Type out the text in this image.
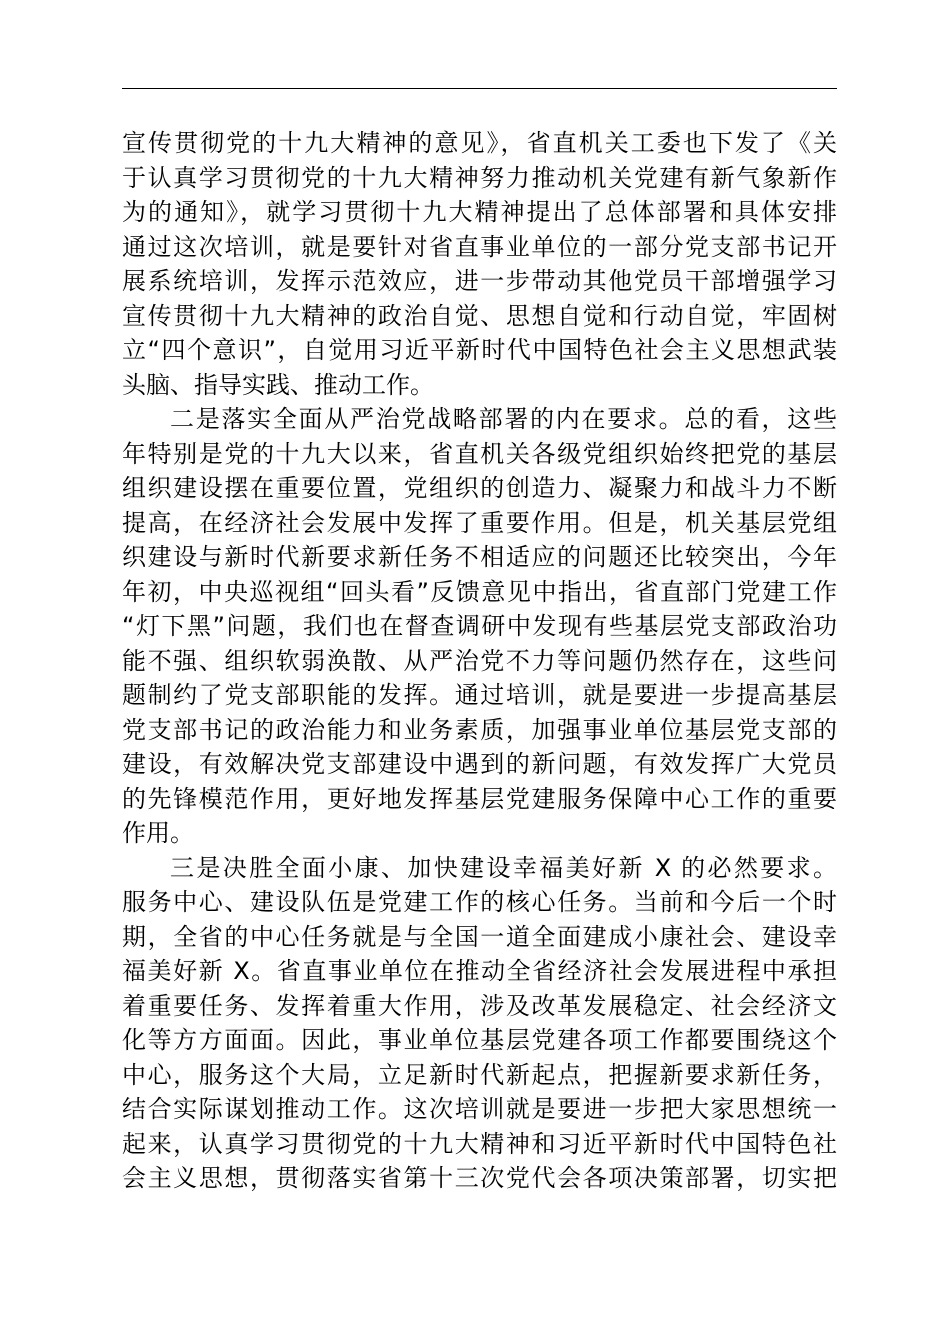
宣传贯彻党的十九大精神的意见》，省直机关工委也下发了《关
于认真学习贯彻党的十九大精神努力推动机关党建有新气象新作
为的通知》，就学习贯彻十九大精神提出了总体部署和具体安排
通过这次培训，就是要针对省直事业单位的一部分党支部书记开
展系统培训，发挥示范效应，进一步带动其他党员干部增强学习
宣传贯彻十九大精神的政治自觉、思想自觉和行动自觉，牢固树
立“四个意识”，自觉用习近平新时代中国特色社会主义思想武装
头脑、指导实践、推动工作。
二是落实全面从严治党战略部署的内在要求。总的看，这些
年特别是党的十九大以来，省直机关各级党组织始终把党的基层
组织建设摆在重要位置，党组织的创造力、凝聚力和战斗力不断
提高，在经济社会发展中发挥了重要作用。但是，机关基层党组
织建设与新时代新要求新任务不相适应的问题还比较突出，今年
年初，中央巡视组“回头看”反馈意见中指出，省直部门党建工作
“灯下黑”问题，我们也在督查调研中发现有些基层党支部政治功
能不强、组织软弱涣散、从严治党不力等问题仍然存在，这些问
题制约了党支部职能的发挥。通过培训，就是要进一步提高基层
党支部书记的政治能力和业务素质，加强事业单位基层党支部的
建设，有效解决党支部建设中遇到的新问题，有效发挥广大党员
的先锋模范作用，更好地发挥基层党建服务保障中心工作的重要
作用。
三是决胜全面小康、加快建设幸福美好新 X 的必然要求。
服务中心、建设队伍是党建工作的核心任务。当前和今后一个时
期，全省的中心任务就是与全国一道全面建成小康社会、建设幸
福美好新 X。省直事业单位在推动全省经济社会发展进程中承担
着重要任务、发挥着重大作用，涉及改革发展稳定、社会经济文
化等方方面面。因此，事业单位基层党建各项工作都要围绕这个
中心，服务这个大局，立足新时代新起点，把握新要求新任务，
结合实际谋划推动工作。这次培训就是要进一步把大家思想统一
起来，认真学习贯彻党的十九大精神和习近平新时代中国特色社
会主义思想，贯彻落实省第十三次党代会各项决策部署，切实把
